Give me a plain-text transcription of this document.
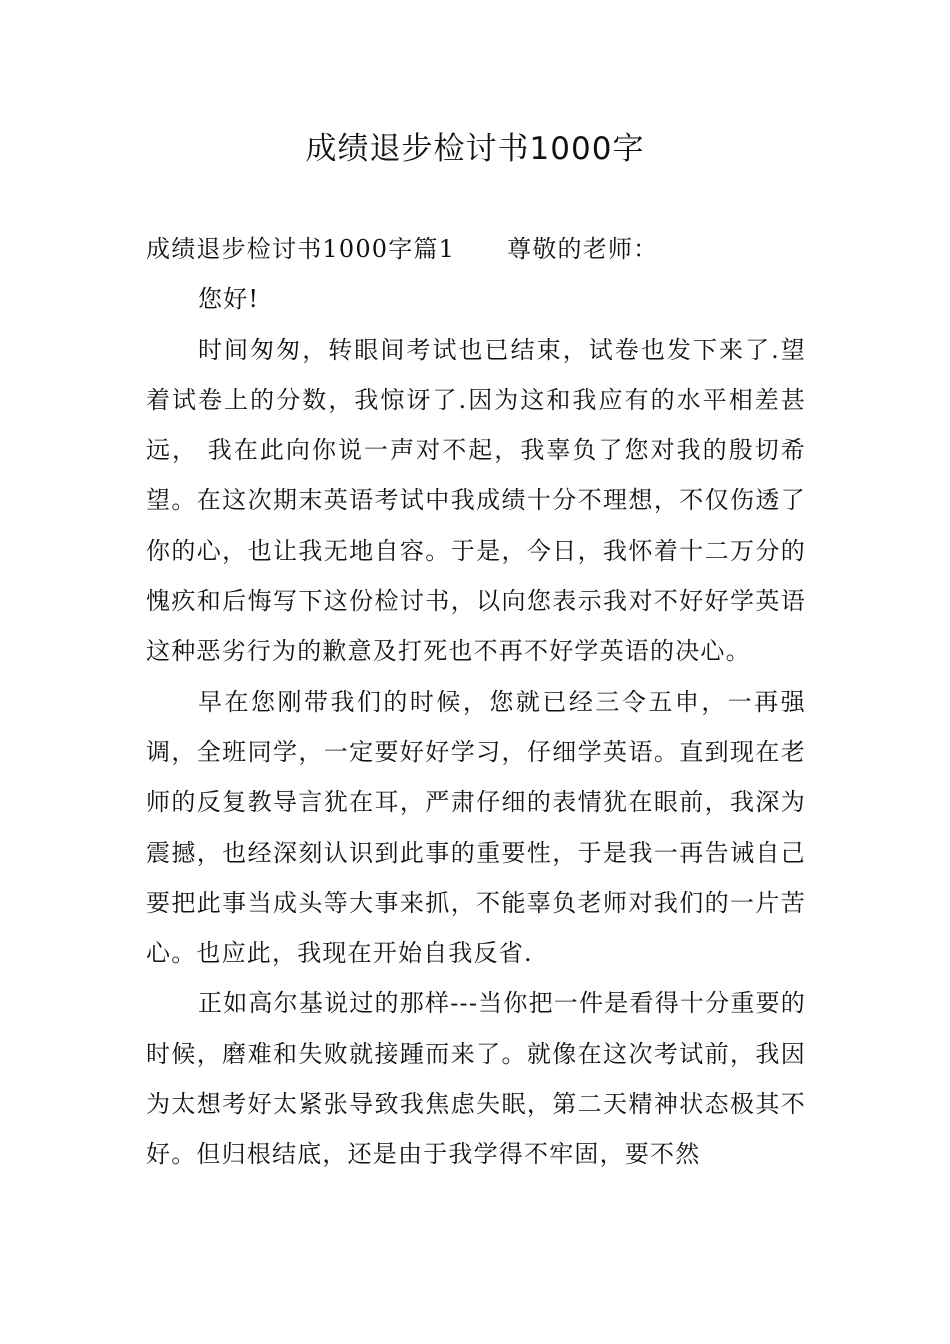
成绩退步检讨书1000字

成绩退步检讨书1000字篇1 尊敬的老师：

您好!

时间匆匆，转眼间考试也已结束，试卷也发下来了.望着试卷上的分数，我惊讶了.因为这和我应有的水平相差甚远， 我在此向你说一声对不起，我辜负了您对我的殷切希望。在这次期末英语考试中我成绩十分不理想，不仅伤透了你的心，也让我无地自容。于是，今日，我怀着十二万分的愧疚和后悔写下这份检讨书，以向您表示我对不好好学英语这种恶劣行为的歉意及打死也不再不好学英语的决心。

早在您刚带我们的时候，您就已经三令五申，一再强调，全班同学，一定要好好学习，仔细学英语。直到现在老师的反复教导言犹在耳，严肃仔细的表情犹在眼前，我深为震撼，也经深刻认识到此事的重要性，于是我一再告诫自己要把此事当成头等大事来抓，不能辜负老师对我们的一片苦心。也应此，我现在开始自我反省.

正如高尔基说过的那样---当你把一件是看得十分重要的时候，磨难和失败就接踵而来了。就像在这次考试前，我因为太想考好太紧张导致我焦虑失眠，第二天精神状态极其不好。但归根结底，还是由于我学得不牢固，要不然
